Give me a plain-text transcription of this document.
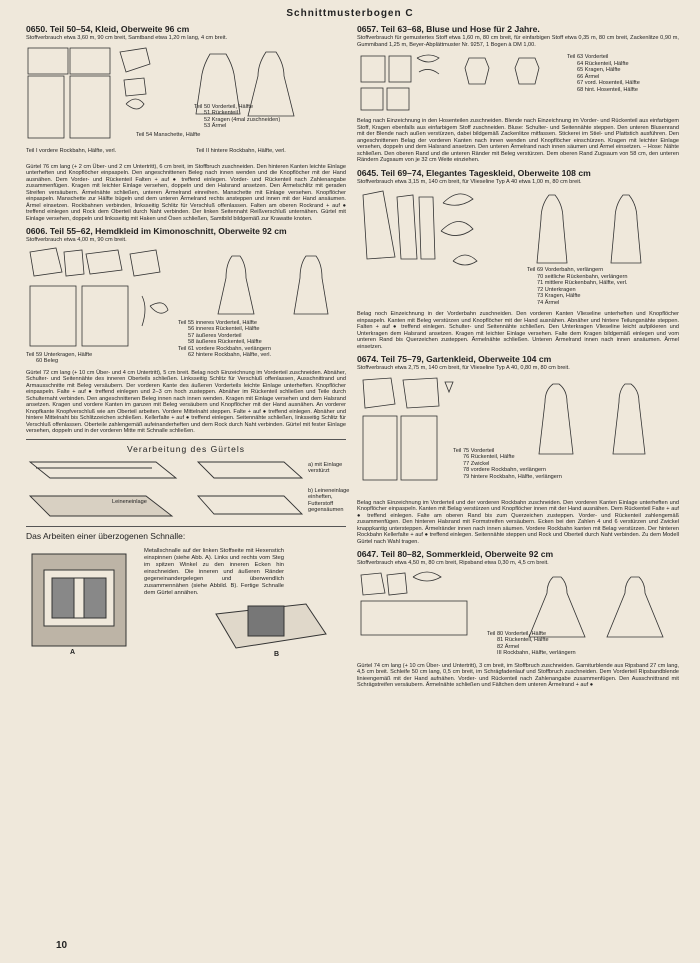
Schnittmusterbogen C
0650. Teil 50–54, Kleid, Oberweite 96 cm

Stoffverbrauch etwa 3,60 m, 90 cm breit, Samtband etwa 1,20 m lang, 4 cm breit.

Teil 50 Vorderteil, Hälfte
51 Rückenteil
52 Kragen (4mal zuschneiden)
53 Ärmel
Teil 54 Manschette, Hälfte
Teil I vordere Rockbahn, Hälfte, verl.	Teil II hintere Rockbahn, Hälfte, verl.

Gürtel 76 cm lang (+ 2 cm Über- und 2 cm Untertritt), 6 cm breit, im Stoffbruch zuschneiden. Den hinteren Kanten leichte Einlage unterheften und Knopflöcher einpaspeln. Den angeschnittenen Beleg nach innen wenden und die Knopflöcher mit der Hand ausnähen. Dem Vorder- und Rückenteil Falten + auf ● treffend einlegen. Vorder- und Rückenteil nach Zahlenangabe zusammenfügen. Kragen mit leichter Einlage versehen, doppeln und den Halsrand ansetzen. Den Ärmelschlitz mit geraden Streifen versäubern. Ärmelnähte schließen, unteren Ärmelrand einreihen. Manschette mit Einlage versehen. Knopflöcher einpaspeln. Manschette zur Hälfte bügeln und dem unteren Ärmelrand rechts ansteppen und innen mit der Hand ansäumen. Ärmel einsetzen. Rockbahnen verbinden, linksseitig Schlitz für Verschluß offenlassen. Falten am oberen Rockrand + auf ● treffend einlegen und Rock dem Oberteil durch Naht verbinden. Der linken Seitennaht Reißverschluß unternähen. Gürtel mit Einlage versehen, doppeln und linksseitig mit Haken und Ösen schließen, Samtbild bildgemäß zur Krawatte knoten.

0606. Teil 55–62, Hemdkleid im Kimonoschnitt, Oberweite 92 cm

Stoffverbrauch etwa 4,00 m, 90 cm breit.

Teil 55 inneres Vorderteil, Hälfte
56 inneres Rückenteil, Hälfte
57 äußeres Vorderteil
58 äußeres Rückenteil, Hälfte
Teil 61 vordere Rockbahn, verlängern
62 hintere Rockbahn, Hälfte, verl.
Teil 59 Unterkragen, Hälfte
60 Beleg

Gürtel 72 cm lang (+ 10 cm Über- und 4 cm Untertritt), 5 cm breit. Belag noch Einzeichnung im Vorderteil zuschneiden. Abnäher, Schulter- und Seitennähte des inneren Oberteils schließen. Linksseitig Schlitz für Verschluß offenlassen, Ausschnittrand und Armausschnitte mit Beleg versäubern. Der vorderen Kante des äußeren Vorderteils leichte Einlage unterheften. Knopflöcher einpaspeln. Falte + auf ● treffend einlegen und 2–3 cm hoch zusteppen. Abnäher im Rückenteil schließen und Teile durch Schulternaht verbinden. Den angeschnittenen Beleg innen nach innen wenden. Kragen mit Einlage versehen und dem Halsrand ansetzen. Kragen und vordere Kanten im ganzen mit Beleg versäubern und Knopflöcher mit der Hand ausnähen. An vorderer Knopfkante Knopfverschluß wie am Oberteil arbeiten. Vordere Mittelnaht steppen. Falte + auf ● treffend einlegen. Abnäher und hintere Mittelnaht bis Schlitzzeichen schließen. Kellerfalte + auf ● treffend einlegen. Seitennähte schließen, linksseitig Schlitz für Verschluß offenlassen. Oberteile zahlengemäß aufeinanderheften und dem Rock durch Naht verbinden. Gürtel mit fester Einlage versehen, doppeln und in der vorderen Mitte mit Schnalle schließen.

Verarbeitung des Gürtels
Leineneinlage
a) mit Einlage verstürzt
b) Leineneinlage einheften, Futterstoff gegensäumen
Das Arbeiten einer überzogenen Schnalle:

Metallschnalle auf der linken Stoffseite mit Hexenstich einspinnen (siehe Abb. A). Links und rechts vom Steg im spitzen Winkel zu den inneren Ecken hin einschneiden. Die inneren und äußeren Ränder gegeneinandergelegen und überwendlich zusammennähen (siehe Abbild. B). Fertige Schnalle dem Gürtel annähen.

A	B
0657. Teil 63–68, Bluse und Hose für 2 Jahre.

Stoffverbrauch für gemustertes Stoff etwa 1,60 m, 80 cm breit, für einfarbigen Stoff etwa 0,35 m, 80 cm breit, Zackenlitze 0,90 m, Gummiband 1,25 m, Beyer-Abplättmuster Nr. 9257, 1 Bogen à DM 1,00.

Teil 63 Vorderteil
64 Rückenteil, Hälfte
65 Kragen, Hälfte
66 Ärmel
67 vord. Hosenteil, Hälfte
68 hint. Hosenteil, Hälfte

Belag nach Einzeichnung in den Hosenteilen zuschneiden. Blende nach Einzeichnung im Vorder- und Rückenteil aus einfarbigem Stoff, Kragen ebenfalls aus einfarbigem Stoff zuschneiden. Bluse: Schulter- und Seitennähte steppen. Den unteren Blusenrand mit der Blende nach außen verstürzen, dabei bildgemäß Zackenlitze mitfassen. Stickerei im Stiel- und Plattstich ausführen. Den angeschnittenen Belag der vorderen Kanten nach innen wenden und Knopflöcher einschürzen. Kragen mit leichter Einlage versehen, doppeln und dem Halsrand ansetzen. Den unteren Ärmelrand nach innen säumen und Ärmel einsetzen. – Hose: Nähte schließen. Den oberen Rand und die unteren Ränder mit Beleg verstürzen. Dem oberen Rand Zugsaum von 58 cm, den unteren Rändern Zugsaum von je 32 cm Weite einziehen.

0645. Teil 69–74, Elegantes Tageskleid, Oberweite 108 cm

Stoffverbrauch etwa 3,15 m, 140 cm breit, für Vlieseline Typ A 40 etwa 1,00 m, 80 cm breit.

Teil 69 Vorderbahn, verlängern
70 seitliche Rückenbahn, verlängern
71 mittlere Rückenbahn, Hälfte, verl.
72 Unterkragen
73 Kragen, Hälfte
74 Ärmel

Belag noch Einzeichnung in der Vorderbahn zuschneiden. Den vorderen Kanten Vlieseline unterheften und Knopflöcher einpaspeln. Kanten mit Beleg verstürzen und Knopflöcher mit der Hand ausnähen. Abnäher und hintere Teilungsnähte steppen. Falten + auf ● treffend einlegen. Schulter- und Seitennähte schließen. Den Unterkragen Vlieseline leicht aufpikieren und Unterkragen dem Halsrand ansetzen. Kragen mit leichter Einlage versehen. Falte dem Kragen bildgemäß einlegen und vom unteren Rand bis Querzeichen zusteppen. Ärmelnähte schließen. Unteren Ärmelrand innen nach innen ansäumen. Ärmel einsetzen.

0674. Teil 75–79, Gartenkleid, Oberweite 104 cm

Stoffverbrauch etwa 2,75 m, 140 cm breit, für Vlieseline Typ A 40, 0,80 m, 80 cm breit.

Teil 75 Vorderteil
76 Rückenteil, Hälfte
77 Zwickel
78 vordere Rockbahn, verlängern
79 hintere Rockbahn, Hälfte, verlängern

Belag nach Einzeichnung im Vorderteil und der vorderen Rockbahn zuschneiden. Den vorderen Kanten Einlage unterheften und Knopflöcher einpaspeln. Kanten mit Belag verstürzen und Knopflöcher innen mit der Hand ausnähen. Dem Rückenteil Falte + auf ● treffend einlegen. Falte am oberen Rand bis zum Querzeichen zusteppen. Vorder- und Rückenteil zahlengemäß zusammenfügen. Den hinteren Halsrand mit Formstreifen versäubern. Ecken bei den Zahlen 4 und 6 verstürzen und Zwickel knappkantig untersteppen. Ärmelränder innen nach innen säumen. Vordere Rockbahn kanten mit Belag verstürzen. Der hinteren Rockbahn Kellerfalte + auf ● treffend einlegen. Seitennähte steppen und Rock und Oberteil durch Naht verbinden. Zu dem Modell Gürtel nach Wahl tragen.

0647. Teil 80–82, Sommerkleid, Oberweite 92 cm

Stoffverbrauch etwa 4,50 m, 80 cm breit, Ripsband etwa 0,30 m, 4,5 cm breit.

Teil 80 Vorderteil, Hälfte
81 Rückenteil, Hälfte
82 Ärmel
III Rockbahn, Hälfte, verlängern

Gürtel 74 cm lang (+ 10 cm Über- und Untertritt), 3 cm breit, im Stoffbruch zuschneiden. Garniturblende aus Ripsband 27 cm lang, 4,5 cm breit. Schleife 50 cm lang, 0,5 cm breit, im Schrägfadenlauf und Stoffbruch zuschneiden. Dem Vorderteil Ripsbandblende linieengemäß mit der Hand aufnähen. Vorder- und Rückenteil nach Zahlenangabe zusammenfügen. Den Ausschnittrand mit Schrägstreifen versäubern. Ärmelnähte schließen und Fältchen dem unteren Ärmelrand + auf ●

10
